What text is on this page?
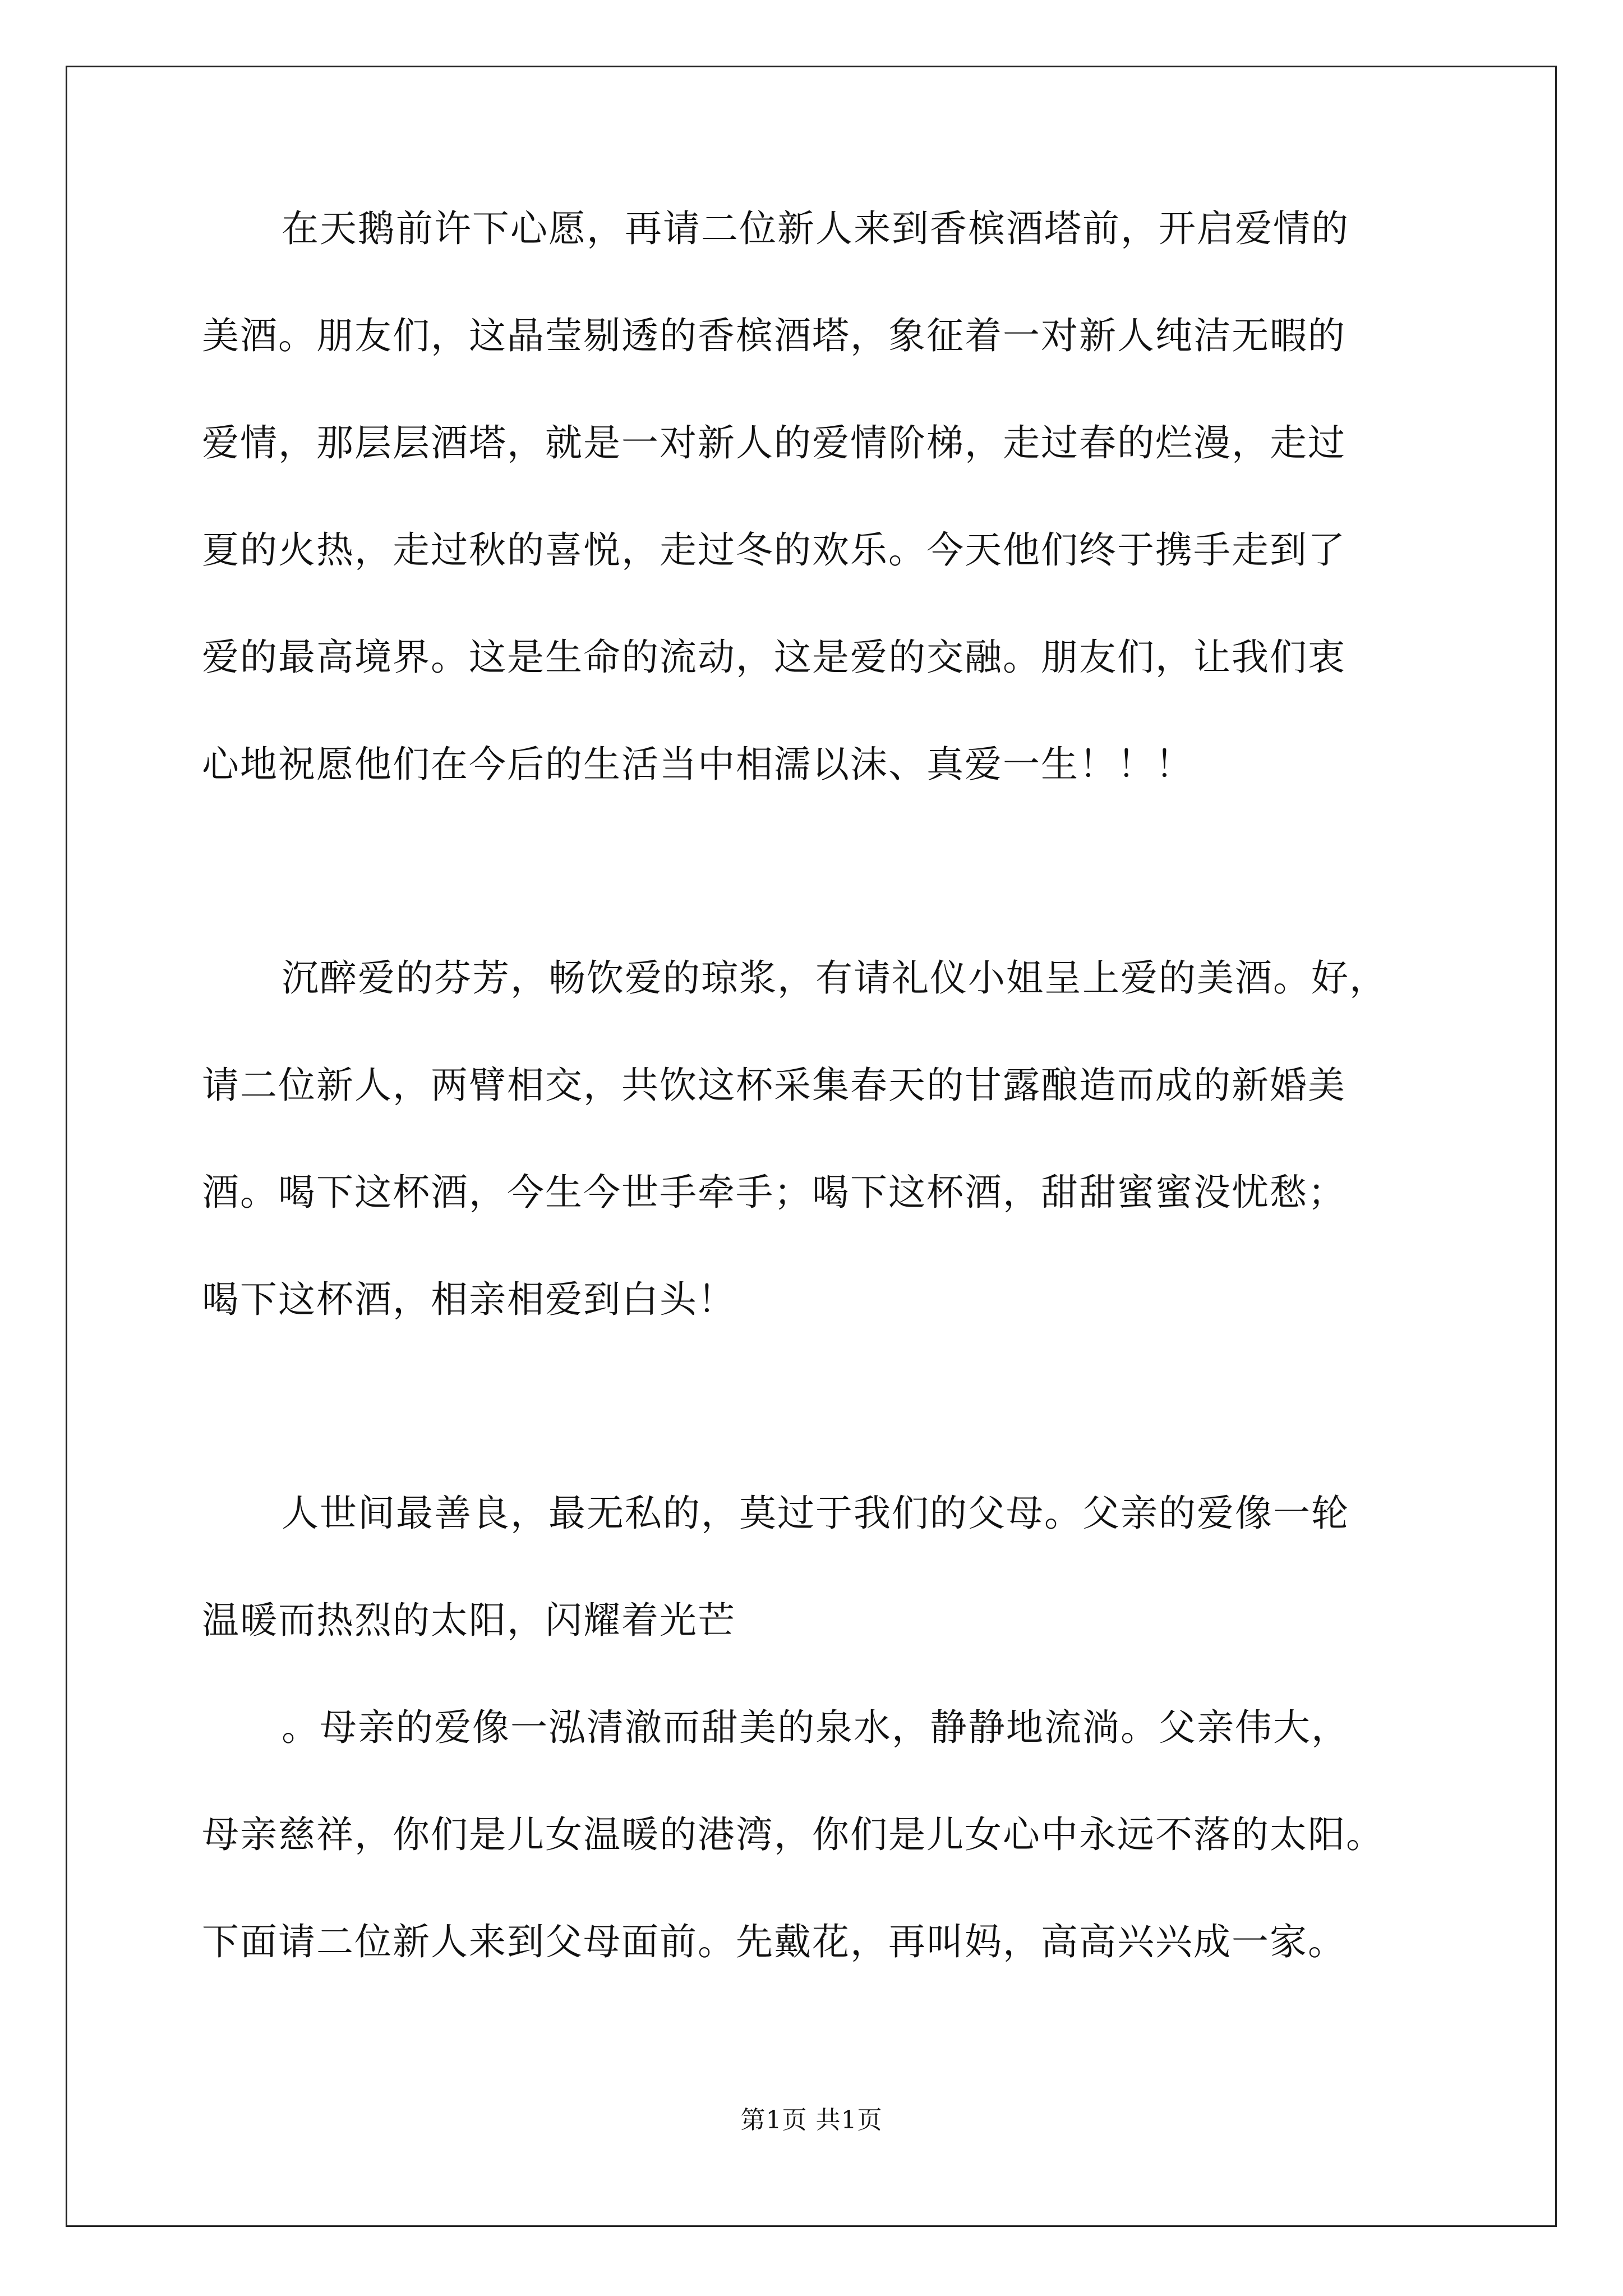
在天鹅前许下心愿，再请二位新人来到香槟酒塔前，开启爱情的

美酒。朋友们，这晶莹剔透的香槟酒塔，象征着一对新人纯洁无暇的

爱情，那层层酒塔，就是一对新人的爱情阶梯，走过春的烂漫，走过

夏的火热，走过秋的喜悦，走过冬的欢乐。今天他们终于携手走到了

爱的最高境界。这是生命的流动，这是爱的交融。朋友们，让我们衷

心地祝愿他们在今后的生活当中相濡以沫、真爱一生！！！

沉醉爱的芬芳，畅饮爱的琼浆，有请礼仪小姐呈上爱的美酒。好，

请二位新人，两臂相交，共饮这杯采集春天的甘露酿造而成的新婚美

酒。喝下这杯酒，今生今世手牵手；喝下这杯酒，甜甜蜜蜜没忧愁；

喝下这杯酒，相亲相爱到白头！

人世间最善良，最无私的，莫过于我们的父母。父亲的爱像一轮

温暖而热烈的太阳，闪耀着光芒

。母亲的爱像一泓清澈而甜美的泉水，静静地流淌。父亲伟大，

母亲慈祥，你们是儿女温暖的港湾，你们是儿女心中永远不落的太阳。

下面请二位新人来到父母面前。先戴花，再叫妈，高高兴兴成一家。

第1页 共1页
